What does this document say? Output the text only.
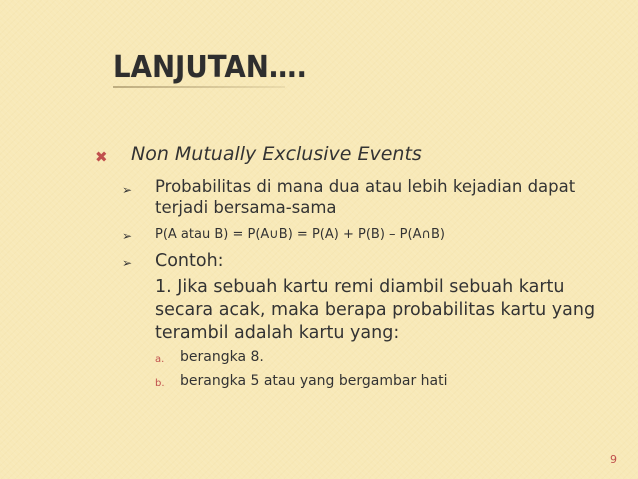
LANJUTAN….
✖ Non Mutually Exclusive Events
➢ Probabilitas di mana dua atau lebih kejadian dapat
terjadi bersama-sama
➢ P(A atau B) = P(A∪B) = P(A) + P(B) – P(A∩B)
➢ Contoh:
1. Jika sebuah kartu remi diambil sebuah kartu
secara acak, maka berapa probabilitas kartu yang
terambil adalah kartu yang:
a. berangka 8.
b. berangka 5 atau yang bergambar hati
9
